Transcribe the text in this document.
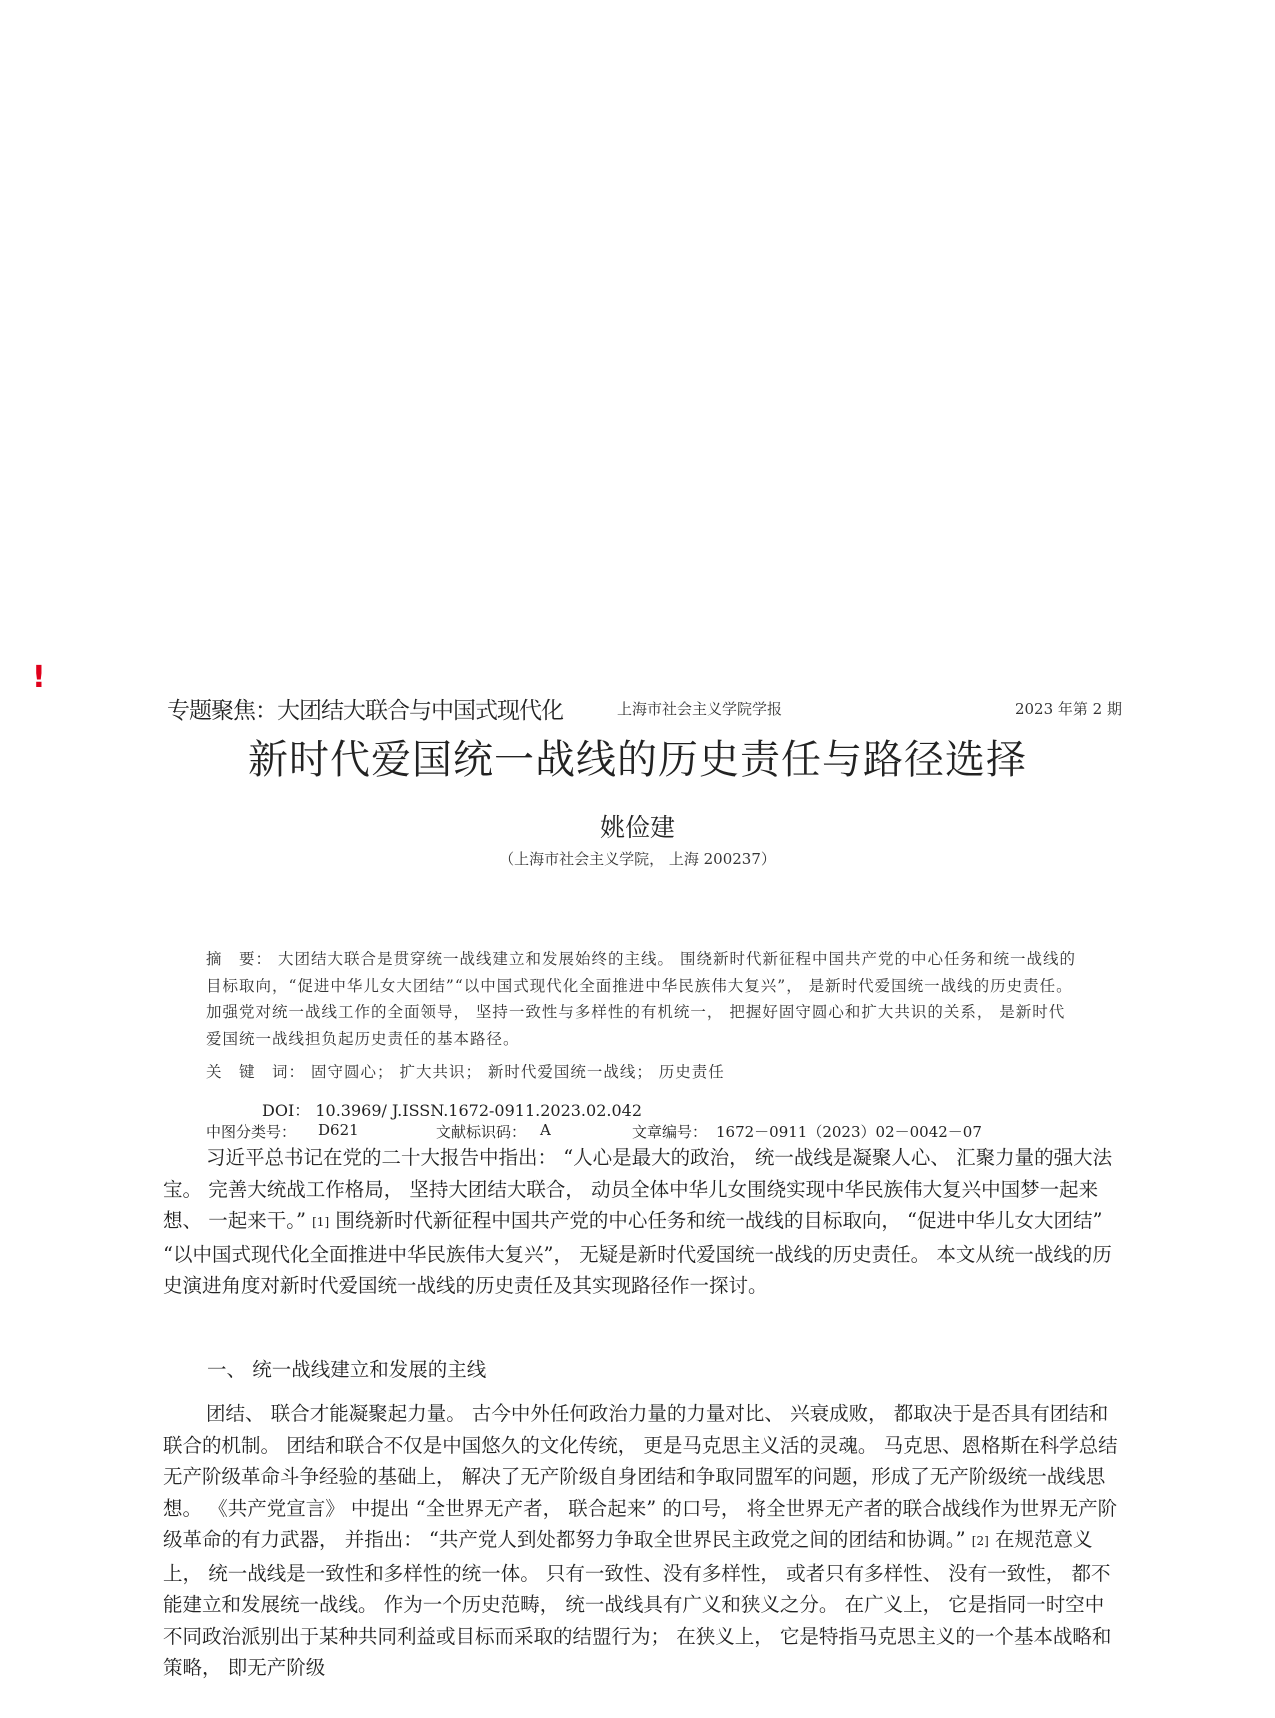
!
专题聚焦：大团结大联合与中国式现代化	上海市社会主义学院学报	2023 年第 2 期
新时代爱国统一战线的历史责任与路径选择
姚俭建
（上海市社会主义学院， 上海 200237）
摘　要： 大团结大联合是贯穿统一战线建立和发展始终的主线。 围绕新时代新征程中国共产党的中心任务和统一战线的目标取向，“促进中华儿女大团结”“以中国式现代化全面推进中华民族伟大复兴”， 是新时代爱国统一战线的历史责任。 加强党对统一战线工作的全面领导， 坚持一致性与多样性的有机统一， 把握好固守圆心和扩大共识的关系， 是新时代爱国统一战线担负起历史责任的基本路径。
关　键　词： 固守圆心； 扩大共识； 新时代爱国统一战线； 历史责任
DOI： 10.3969/ J.ISSN.1672-0911.2023.02.042
中图分类号： D621	文献标识码： A	文章编号： 1672－0911（2023）02－0042－07

习近平总书记在党的二十大报告中指出： “人心是最大的政治， 统一战线是凝聚人心、 汇聚力量的强大法宝。 完善大统战工作格局， 坚持大团结大联合， 动员全体中华儿女围绕实现中华民族伟大复兴中国梦一起来想、 一起来干。” [1] 围绕新时代新征程中国共产党的中心任务和统一战线的目标取向， “促进中华儿女大团结” “以中国式现代化全面推进中华民族伟大复兴”， 无疑是新时代爱国统一战线的历史责任。 本文从统一战线的历史演进角度对新时代爱国统一战线的历史责任及其实现路径作一探讨。

一、 统一战线建立和发展的主线

团结、 联合才能凝聚起力量。 古今中外任何政治力量的力量对比、 兴衰成败， 都取决于是否具有团结和联合的机制。 团结和联合不仅是中国悠久的文化传统， 更是马克思主义活的灵魂。 马克思、恩格斯在科学总结无产阶级革命斗争经验的基础上， 解决了无产阶级自身团结和争取同盟军的问题，形成了无产阶级统一战线思想。 《共产党宣言》 中提出 “全世界无产者， 联合起来” 的口号， 将全世界无产者的联合战线作为世界无产阶级革命的有力武器， 并指出： “共产党人到处都努力争取全世界民主政党之间的团结和协调。” [2] 在规范意义上， 统一战线是一致性和多样性的统一体。 只有一致性、没有多样性， 或者只有多样性、 没有一致性， 都不能建立和发展统一战线。 作为一个历史范畴， 统一战线具有广义和狭义之分。 在广义上， 它是指同一时空中不同政治派别出于某种共同利益或目标而采取的结盟行为； 在狭义上， 它是特指马克思主义的一个基本战略和策略， 即无产阶级
